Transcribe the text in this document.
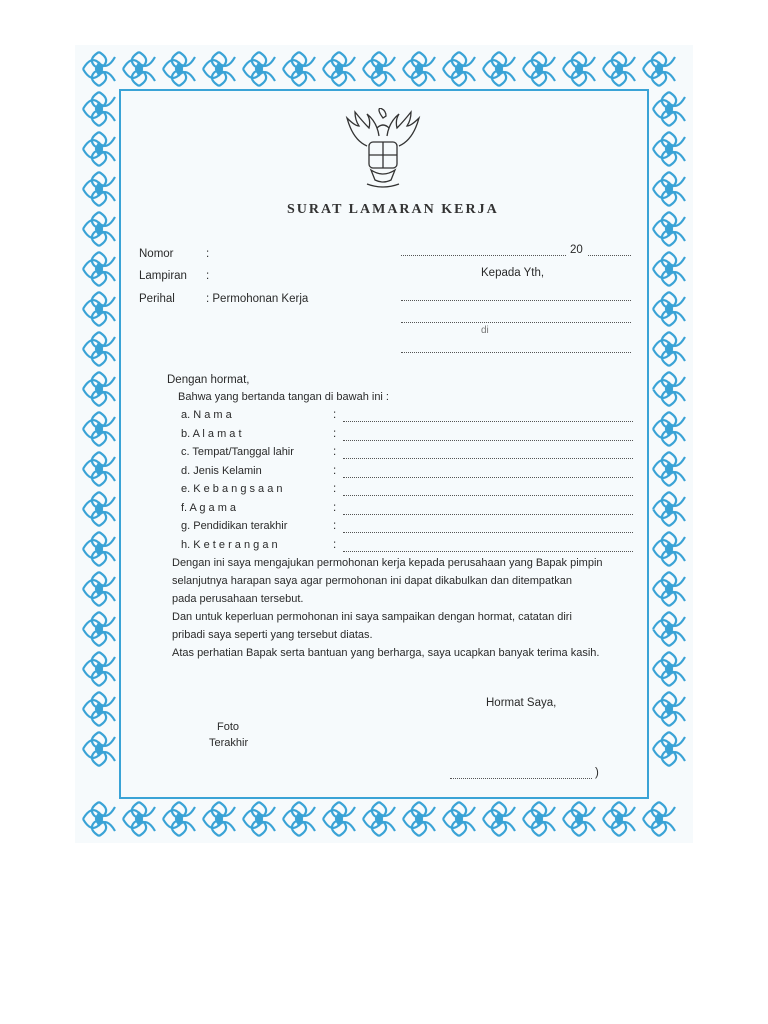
SURAT LAMARAN KERJA
Nomor	:
Lampiran :
Perihal	: Permohonan Kerja
20
Kepada Yth,
di
Dengan hormat,
Bahwa yang bertanda tangan di bawah ini :
a. N a m a	:
b. A l a m a t	:
c. Tempat/Tanggal lahir	:
d. Jenis Kelamin	:
e. K e b a n g s a a n	:
f. A g a m a	:
g. Pendidikan terakhir	:
h. K e t e r a n g a n	:
Dengan ini saya mengajukan permohonan kerja kepada perusahaan yang Bapak pimpin
selanjutnya harapan saya agar permohonan ini dapat dikabulkan dan ditempatkan
pada perusahaan tersebut.
Dan untuk keperluan permohonan ini saya sampaikan dengan hormat, catatan diri
pribadi saya seperti yang tersebut diatas.
Atas perhatian Bapak serta bantuan yang berharga, saya ucapkan banyak terima kasih.
Hormat Saya,
Foto
Terakhir
)
